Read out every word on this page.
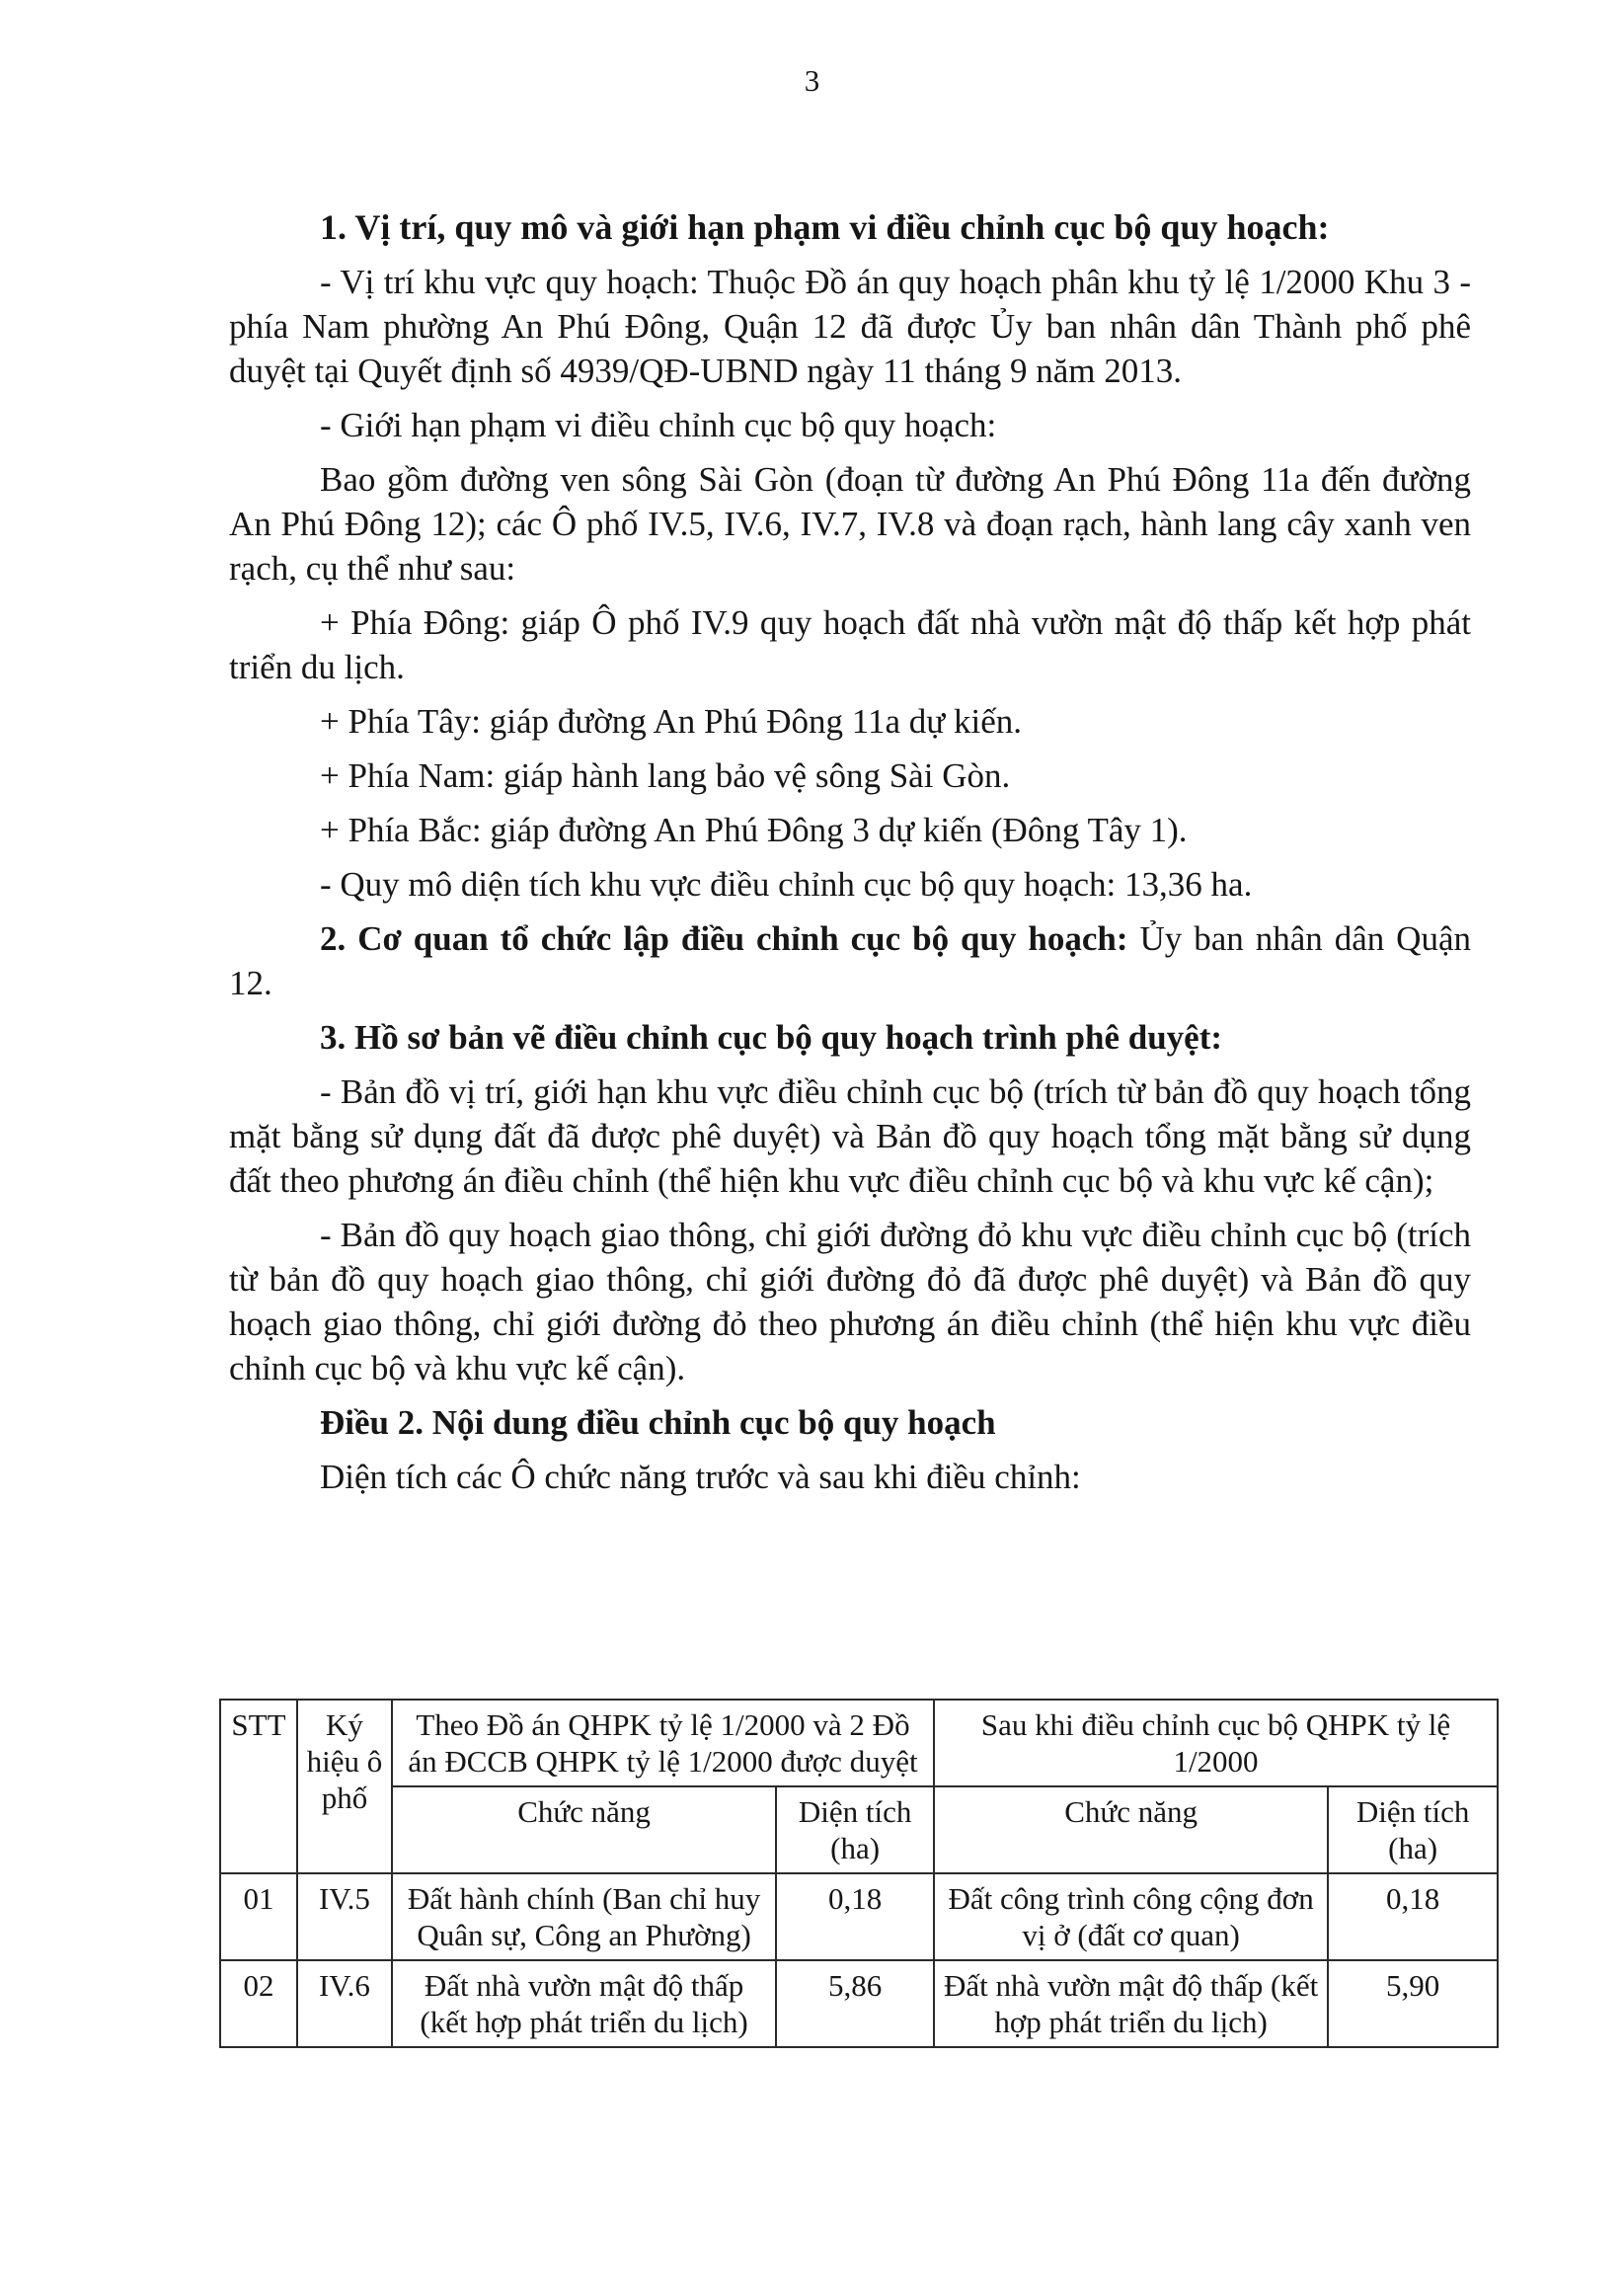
3

1. Vị trí, quy mô và giới hạn phạm vi điều chỉnh cục bộ quy hoạch:

- Vị trí khu vực quy hoạch: Thuộc Đồ án quy hoạch phân khu tỷ lệ 1/2000 Khu 3 - phía Nam phường An Phú Đông, Quận 12 đã được Ủy ban nhân dân Thành phố phê duyệt tại Quyết định số 4939/QĐ-UBND ngày 11 tháng 9 năm 2013.

- Giới hạn phạm vi điều chỉnh cục bộ quy hoạch:

Bao gồm đường ven sông Sài Gòn (đoạn từ đường An Phú Đông 11a đến đường An Phú Đông 12); các Ô phố IV.5, IV.6, IV.7, IV.8 và đoạn rạch, hành lang cây xanh ven rạch, cụ thể như sau:

+ Phía Đông: giáp Ô phố IV.9 quy hoạch đất nhà vườn mật độ thấp kết hợp phát triển du lịch.

+ Phía Tây: giáp đường An Phú Đông 11a dự kiến.

+ Phía Nam: giáp hành lang bảo vệ sông Sài Gòn.

+ Phía Bắc: giáp đường An Phú Đông 3 dự kiến (Đông Tây 1).

- Quy mô diện tích khu vực điều chỉnh cục bộ quy hoạch: 13,36 ha.

2. Cơ quan tổ chức lập điều chỉnh cục bộ quy hoạch: Ủy ban nhân dân Quận 12.

3. Hồ sơ bản vẽ điều chỉnh cục bộ quy hoạch trình phê duyệt:

- Bản đồ vị trí, giới hạn khu vực điều chỉnh cục bộ (trích từ bản đồ quy hoạch tổng mặt bằng sử dụng đất đã được phê duyệt) và Bản đồ quy hoạch tổng mặt bằng sử dụng đất theo phương án điều chỉnh (thể hiện khu vực điều chỉnh cục bộ và khu vực kế cận);

- Bản đồ quy hoạch giao thông, chỉ giới đường đỏ khu vực điều chỉnh cục bộ (trích từ bản đồ quy hoạch giao thông, chỉ giới đường đỏ đã được phê duyệt) và Bản đồ quy hoạch giao thông, chỉ giới đường đỏ theo phương án điều chỉnh (thể hiện khu vực điều chỉnh cục bộ và khu vực kế cận).

Điều 2. Nội dung điều chỉnh cục bộ quy hoạch

Diện tích các Ô chức năng trước và sau khi điều chỉnh:

STT	Ký hiệu ô phố	Theo Đồ án QHPK tỷ lệ 1/2000 và 2 Đồ án ĐCCB QHPK tỷ lệ 1/2000 được duyệt		Sau khi điều chỉnh cục bộ QHPK tỷ lệ 1/2000	
		Chức năng	Diện tích (ha)	Chức năng	Diện tích (ha)
01	IV.5	Đất hành chính (Ban chỉ huy Quân sự, Công an Phường)	0,18	Đất công trình công cộng đơn vị ở (đất cơ quan)	0,18
02	IV.6	Đất nhà vườn mật độ thấp (kết hợp phát triển du lịch)	5,86	Đất nhà vườn mật độ thấp (kết hợp phát triển du lịch)	5,90
